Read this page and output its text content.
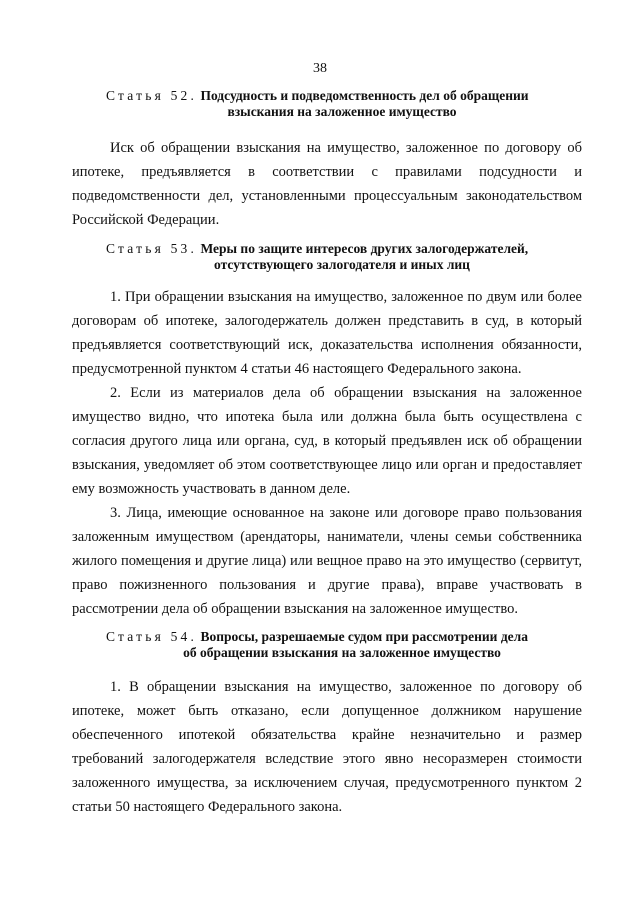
38
Статья 52. Подсудность и подведомственность дел об обращении
взыскания на заложенное имущество

Иск об обращении взыскания на имущество, заложенное по договору об ипотеке, предъявляется в соответствии с правилами подсудности и подведомственности дел, установленными процессуальным законодательством Российской Федерации.

Статья 53. Меры по защите интересов других залогодержателей,
отсутствующего залогодателя и иных лиц

1. При обращении взыскания на имущество, заложенное по двум или более договорам об ипотеке, залогодержатель должен представить в суд, в который предъявляется соответствующий иск, доказательства исполнения обязанности, предусмотренной пунктом 4 статьи 46 настоящего Федерального закона.

2. Если из материалов дела об обращении взыскания на заложенное имущество видно, что ипотека была или должна была быть осуществлена с согласия другого лица или органа, суд, в который предъявлен иск об обращении взыскания, уведомляет об этом соответствующее лицо или орган и предоставляет ему возможность участвовать в данном деле.

3. Лица, имеющие основанное на законе или договоре право пользования заложенным имуществом (арендаторы, наниматели, члены семьи собственника жилого помещения и другие лица) или вещное право на это имущество (сервитут, право пожизненного пользования и другие права), вправе участвовать в рассмотрении дела об обращении взыскания на заложенное имущество.

Статья 54. Вопросы, разрешаемые судом при рассмотрении дела
об обращении взыскания на заложенное имущество

1. В обращении взыскания на имущество, заложенное по договору об ипотеке, может быть отказано, если допущенное должником нарушение обеспеченного ипотекой обязательства крайне незначительно и размер требований залогодержателя вследствие этого явно несоразмерен стоимости заложенного имущества, за исключением случая, предусмотренного пунктом 2 статьи 50 настоящего Федерального закона.
